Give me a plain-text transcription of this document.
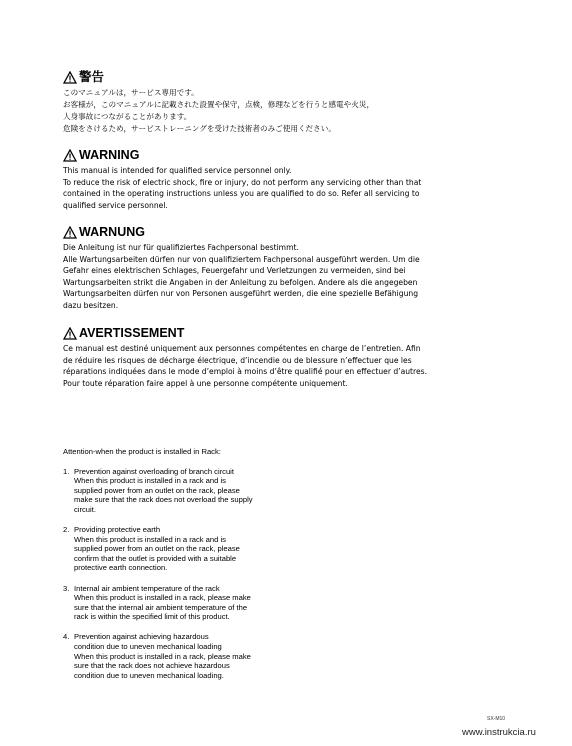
警告
このマニュアルは，サービス専用です。
お客様が，このマニュアルに記載された設置や保守，点検，修理などを行うと感電や火災，
人身事故につながることがあります。
危険をさけるため，サービストレーニングを受けた技術者のみご使用ください。
WARNING
This manual is intended for qualified service personnel only.
To reduce the risk of electric shock, fire or injury, do not perform any servicing other than that
contained in the operating instructions unless you are qualified to do so. Refer all servicing to
qualified service personnel.
WARNUNG
Die Anleitung ist nur für qualifiziertes Fachpersonal bestimmt.
Alle Wartungsarbeiten dürfen nur von qualifiziertem Fachpersonal ausgeführt werden. Um die
Gefahr eines elektrischen Schlages, Feuergefahr und Verletzungen zu vermeiden, sind bei
Wartungsarbeiten strikt die Angaben in der Anleitung zu befolgen. Andere als die angegeben
Wartungsarbeiten dürfen nur von Personen ausgeführt werden, die eine spezielle Befähigung
dazu besitzen.
AVERTISSEMENT
Ce manual est destiné uniquement aux personnes compétentes en charge de l’entretien. Afin
de réduire les risques de décharge électrique, d’incendie ou de blessure n’effectuer que les
réparations indiquées dans le mode d’emploi à moins d’être qualifié pour en effectuer d’autres.
Pour toute réparation faire appel à une personne compétente uniquement.
Attention-when the product is installed in Rack:
1. Prevention against overloading of branch circuit
When this product is installed in a rack and is
supplied power from an outlet on the rack, please
make sure that the rack does not overload the supply
circuit.
2. Providing protective earth
When this product is installed in a rack and is
supplied power from an outlet on the rack, please
confirm that the outlet is provided with a suitable
protective earth connection.
3. Internal air ambient temperature of the rack
When this product is installed in a rack, please make
sure that the internal air ambient temperature of the
rack is within the specified limit of this product.
4. Prevention against achieving hazardous
condition due to uneven mechanical loading
When this product is installed in a rack, please make
sure that the rack does not achieve hazardous
condition due to uneven mechanical loading.
SX-M10
www.instrukcia.ru
